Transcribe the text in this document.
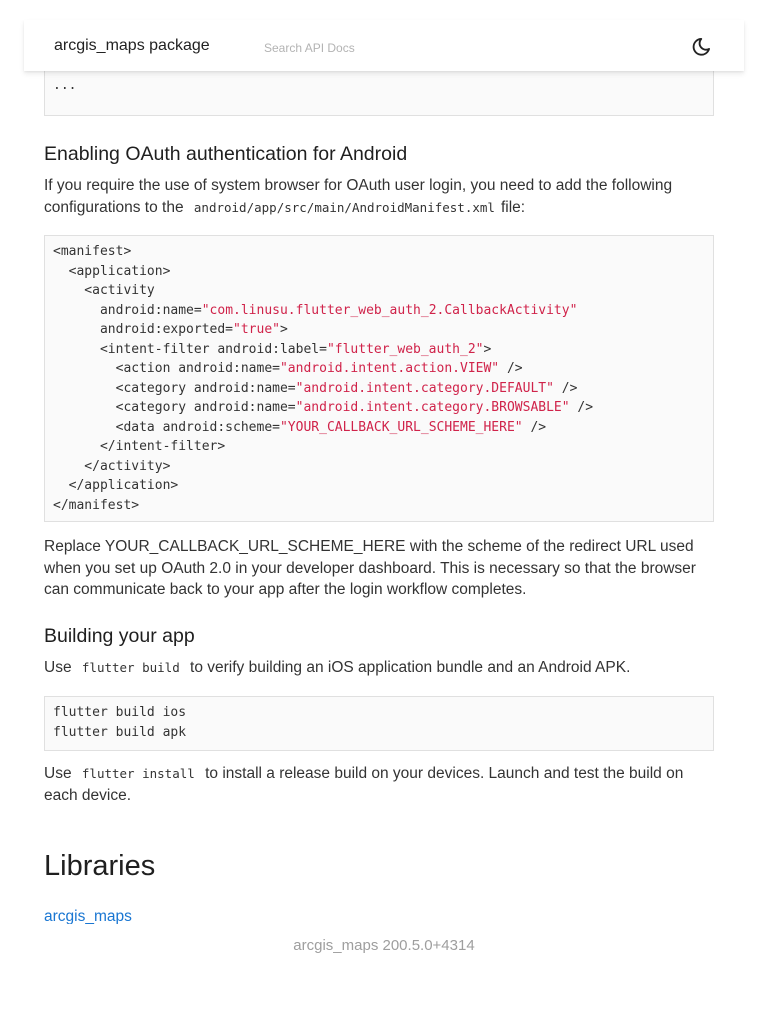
arcgis_maps package
Search API Docs

...
Enabling OAuth authentication for Android

If you require the use of system browser for OAuth user login, you need to add the following configurations to the android/app/src/main/AndroidManifest.xml file:

<manifest>
<application>
<activity
android:name="com.linusu.flutter_web_auth_2.CallbackActivity"
android:exported="true">
<intent-filter android:label="flutter_web_auth_2">
<action android:name="android.intent.action.VIEW" />
<category android:name="android.intent.category.DEFAULT" />
<category android:name="android.intent.category.BROWSABLE" />
<data android:scheme="YOUR_CALLBACK_URL_SCHEME_HERE" />
</intent-filter>
</activity>
</application>
</manifest>

Replace YOUR_CALLBACK_URL_SCHEME_HERE with the scheme of the redirect URL used when you set up OAuth 2.0 in your developer dashboard. This is necessary so that the browser can communicate back to your app after the login workflow completes.

Building your app

Use flutter build to verify building an iOS application bundle and an Android APK.

flutter build ios
flutter build apk

Use flutter install to install a release build on your devices. Launch and test the build on each device.

Libraries
arcgis_maps
arcgis_maps 200.5.0+4314
